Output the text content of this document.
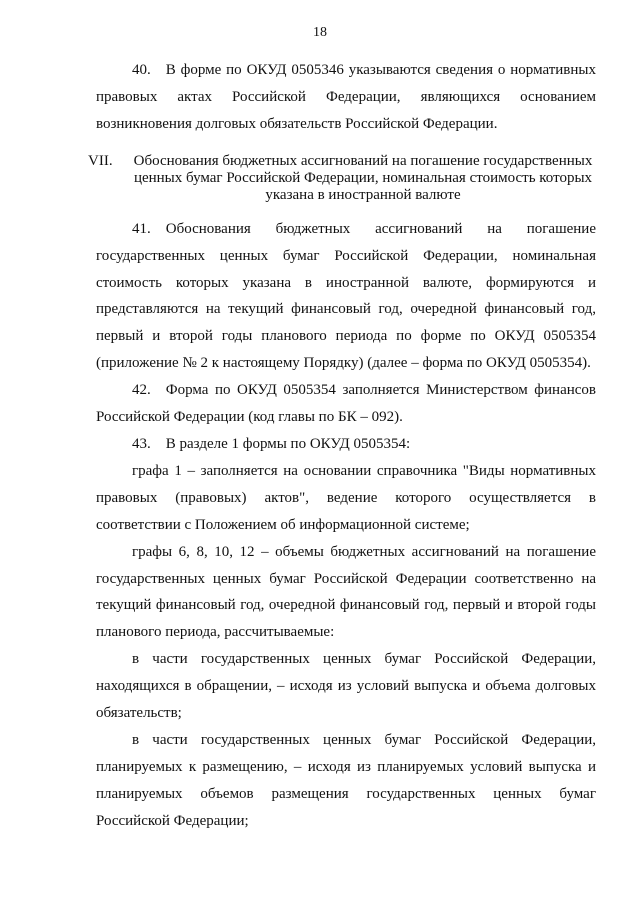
18

40. В форме по ОКУД 0505346 указываются сведения о нормативных правовых актах Российской Федерации, являющихся основанием возникновения долговых обязательств Российской Федерации.

VII.	Обоснования бюджетных ассигнований на погашение государственных ценных бумаг Российской Федерации, номинальная стоимость которых указана в иностранной валюте

41. Обоснования бюджетных ассигнований на погашение государственных ценных бумаг Российской Федерации, номинальная стоимость которых указана в иностранной валюте, формируются и представляются на текущий финансовый год, очередной финансовый год, первый и второй годы планового периода по форме по ОКУД 0505354 (приложение № 2 к настоящему Порядку) (далее – форма по ОКУД 0505354).

42. Форма по ОКУД 0505354 заполняется Министерством финансов Российской Федерации (код главы по БК – 092).

43. В разделе 1 формы по ОКУД 0505354:

графа 1 – заполняется на основании справочника "Виды нормативных правовых (правовых) актов", ведение которого осуществляется в соответствии с Положением об информационной системе;

графы 6, 8, 10, 12 – объемы бюджетных ассигнований на погашение государственных ценных бумаг Российской Федерации соответственно на текущий финансовый год, очередной финансовый год, первый и второй годы планового периода, рассчитываемые:

в части государственных ценных бумаг Российской Федерации, находящихся в обращении, – исходя из условий выпуска и объема долговых обязательств;

в части государственных ценных бумаг Российской Федерации, планируемых к размещению, – исходя из планируемых условий выпуска и планируемых объемов размещения государственных ценных бумаг Российской Федерации;
